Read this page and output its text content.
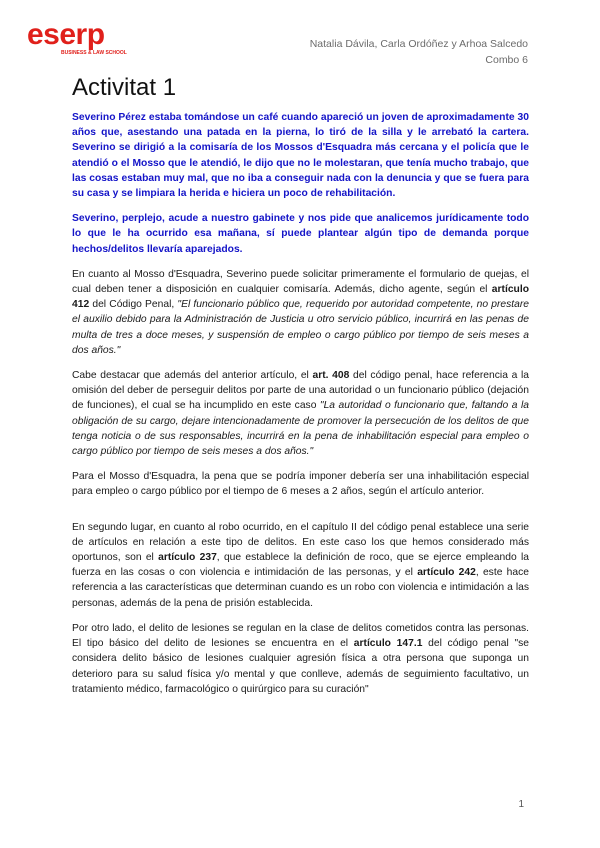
eserp
BUSINESS & LAW SCHOOL
Natalia Dávila, Carla Ordóñez y Arhoa Salcedo
Combo 6
Activitat 1

Severino Pérez estaba tomándose un café cuando apareció un joven de aproximadamente 30 años que, asestando una patada en la pierna, lo tiró de la silla y le arrebató la cartera. Severino se dirigió a la comisaría de los Mossos d'Esquadra más cercana y el policía que le atendió o el Mosso que le atendió, le dijo que no le molestaran, que tenía mucho trabajo, que las cosas estaban muy mal, que no iba a conseguir nada con la denuncia y que se fuera para su casa y se limpiara la herida e hiciera un poco de rehabilitación.

Severino, perplejo, acude a nuestro gabinete y nos pide que analicemos jurídicamente todo lo que le ha ocurrido esa mañana, sí puede plantear algún tipo de demanda porque hechos/delitos llevaría aparejados.

En cuanto al Mosso d'Esquadra, Severino puede solicitar primeramente el formulario de quejas, el cual deben tener a disposición en cualquier comisaría. Además, dicho agente, según el artículo 412 del Código Penal, "El funcionario público que, requerido por autoridad competente, no prestare el auxilio debido para la Administración de Justicia u otro servicio público, incurrirá en las penas de multa de tres a doce meses, y suspensión de empleo o cargo público por tiempo de seis meses a dos años."

Cabe destacar que además del anterior artículo, el art. 408 del código penal, hace referencia a la omisión del deber de perseguir delitos por parte de una autoridad o un funcionario público (dejación de funciones), el cual se ha incumplido en este caso "La autoridad o funcionario que, faltando a la obligación de su cargo, dejare intencionadamente de promover la persecución de los delitos de que tenga noticia o de sus responsables, incurrirá en la pena de inhabilitación especial para empleo o cargo público por tiempo de seis meses a dos años."

Para el Mosso d'Esquadra, la pena que se podría imponer debería ser una inhabilitación especial para empleo o cargo público por el tiempo de 6 meses a 2 años, según el artículo anterior.

En segundo lugar, en cuanto al robo ocurrido, en el capítulo II del código penal establece una serie de artículos en relación a este tipo de delitos. En este caso los que hemos considerado más oportunos, son el artículo 237, que establece la definición de roco, que se ejerce empleando la fuerza en las cosas o con violencia e intimidación de las personas, y el artículo 242, este hace referencia a las características que determinan cuando es un robo con violencia e intimidación a las personas, además de la pena de prisión establecida.

Por otro lado, el delito de lesiones se regulan en la clase de delitos cometidos contra las personas. El tipo básico del delito de lesiones se encuentra en el artículo 147.1 del código penal "se considera delito básico de lesiones cualquier agresión física a otra persona que suponga un deterioro para su salud física y/o mental y que conlleve, además de seguimiento facultativo, un tratamiento médico, farmacológico o quirúrgico para su curación"

1
